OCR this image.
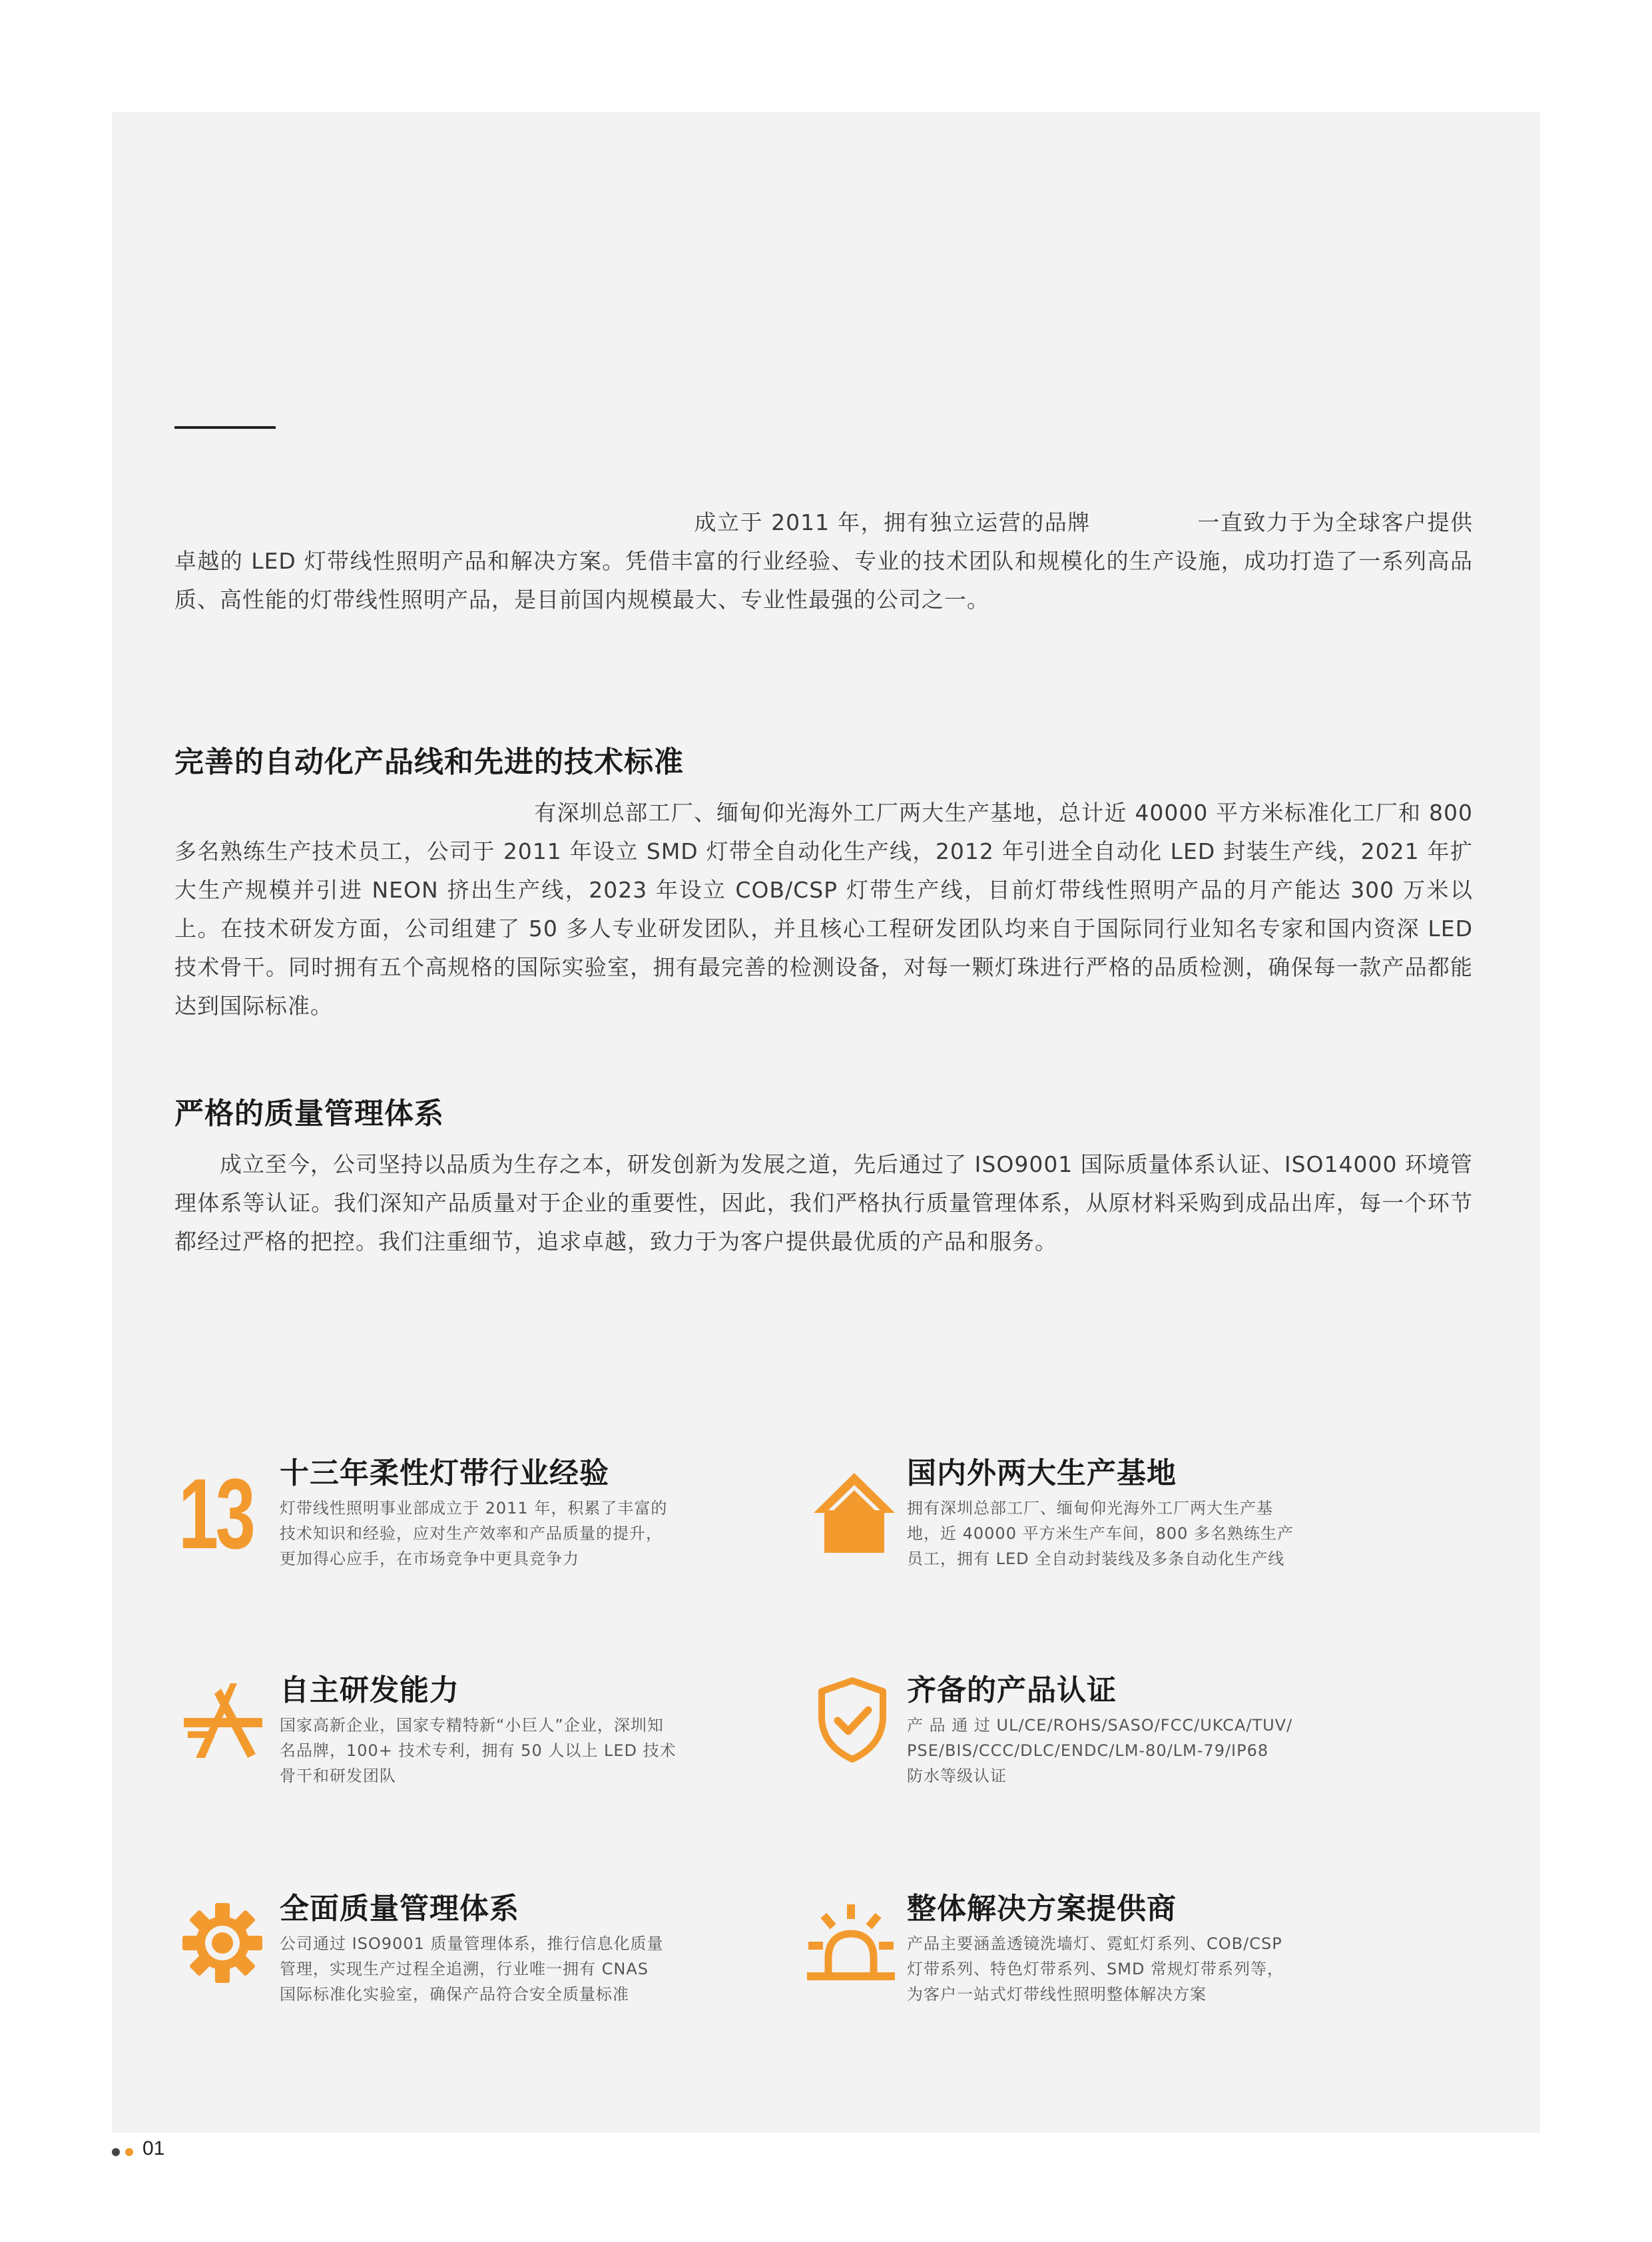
成立于 2011 年，拥有独立运营的品牌	一直致力于为全球客户提供卓越的 LED 灯带线性照明产品和解决方案。凭借丰富的行业经验、专业的技术团队和规模化的生产设施，成功打造了一系列高品质、高性能的灯带线性照明产品，是目前国内规模最大、专业性最强的公司之一。

完善的自动化产品线和先进的技术标准

有深圳总部工厂、缅甸仰光海外工厂两大生产基地，总计近 40000 平方米标准化工厂和 800 多名熟练生产技术员工，公司于 2011 年设立 SMD 灯带全自动化生产线，2012 年引进全自动化 LED 封装生产线，2021 年扩大生产规模并引进 NEON 挤出生产线，2023 年设立 COB/CSP 灯带生产线，目前灯带线性照明产品的月产能达 300 万米以上。在技术研发方面，公司组建了 50 多人专业研发团队，并且核心工程研发团队均来自于国际同行业知名专家和国内资深 LED 技术骨干。同时拥有五个高规格的国际实验室，拥有最完善的检测设备，对每一颗灯珠进行严格的品质检测，确保每一款产品都能达到国际标准。

严格的质量管理体系

成立至今，公司坚持以品质为生存之本，研发创新为发展之道，先后通过了 ISO9001 国际质量体系认证、ISO14000 环境管理体系等认证。我们深知产品质量对于企业的重要性，因此，我们严格执行质量管理体系，从原材料采购到成品出库，每一个环节都经过严格的把控。我们注重细节，追求卓越，致力于为客户提供最优质的产品和服务。

13 十三年柔性灯带行业经验
灯带线性照明事业部成立于 2011 年，积累了丰富的
技术知识和经验，应对生产效率和产品质量的提升，
更加得心应手，在市场竞争中更具竞争力
国内外两大生产基地
拥有深圳总部工厂、缅甸仰光海外工厂两大生产基
地，近 40000 平方米生产车间，800 多名熟练生产
员工，拥有 LED 全自动封装线及多条自动化生产线
自主研发能力
国家高新企业，国家专精特新“小巨人”企业，深圳知
名品牌，100+ 技术专利，拥有 50 人以上 LED 技术
骨干和研发团队
齐备的产品认证
产 品 通 过 UL/CE/ROHS/SASO/FCC/UKCA/TUV/
PSE/BIS/CCC/DLC/ENDC/LM-80/LM-79/IP68
防水等级认证
全面质量管理体系
公司通过 ISO9001 质量管理体系，推行信息化质量
管理，实现生产过程全追溯，行业唯一拥有 CNAS
国际标准化实验室，确保产品符合安全质量标准
整体解决方案提供商
产品主要涵盖透镜洗墙灯、霓虹灯系列、COB/CSP
灯带系列、特色灯带系列、SMD 常规灯带系列等，
为客户一站式灯带线性照明整体解决方案
01
